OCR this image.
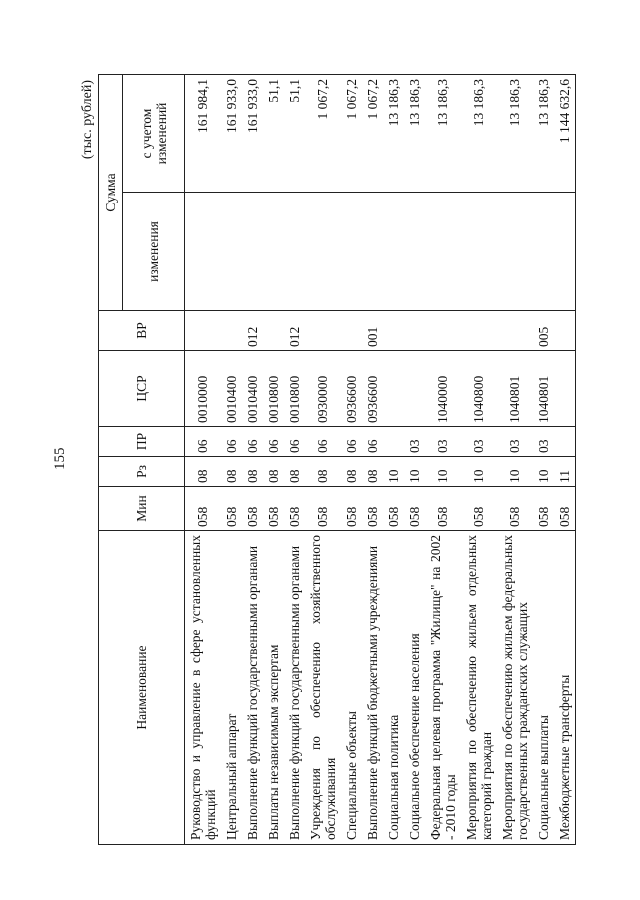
155
(тыс. рублей)
Наименование	Мин	Рз	ПР	ЦСР	ВР	Сумма	
						изменения	с учетом изменений
Руководство и управление в сфере установленных функций	058	08	06	0010000			161 984,1
Центральный аппарат	058	08	06	0010400			161 933,0
Выполнение функций государственными органами	058	08	06	0010400	012		161 933,0
Выплаты независимым экспертам	058	08	06	0010800			51,1
Выполнение функций государственными органами	058	08	06	0010800	012		51,1
Учреждения по обеспечению хозяйственного обслуживания	058	08	06	0930000			1 067,2
Специальные объекты	058	08	06	0936600			1 067,2
Выполнение функций бюджетными учреждениями	058	08	06	0936600	001		1 067,2
Социальная политика	058	10					13 186,3
Социальное обеспечение населения	058	10	03				13 186,3
Федеральная целевая программа "Жилище" на 2002 - 2010 годы	058	10	03	1040000			13 186,3
Мероприятия по обеспечению жильем отдельных категорий граждан	058	10	03	1040800			13 186,3
Мероприятия по обеспечению жильем федеральных государственных гражданских служащих	058	10	03	1040801			13 186,3
Социальные выплаты	058	10	03	1040801	005		13 186,3
Межбюджетные трансферты	058	11					1 144 632,6
